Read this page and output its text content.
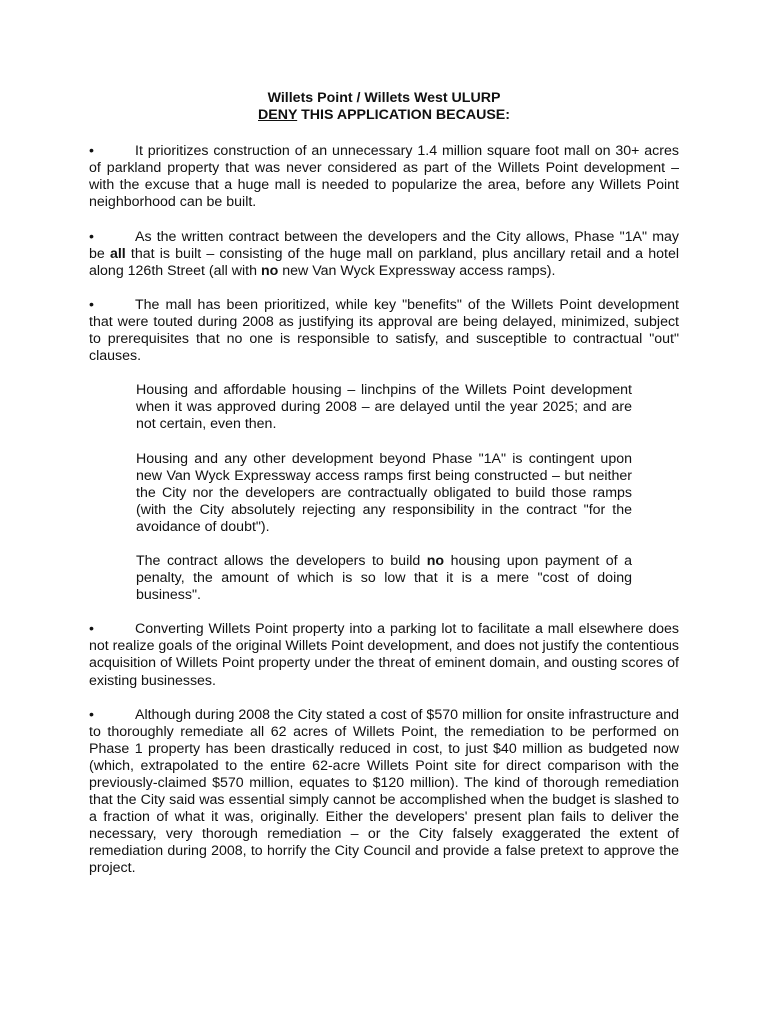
Willets Point / Willets West ULURP
DENY THIS APPLICATION BECAUSE:

•	It prioritizes construction of an unnecessary 1.4 million square foot mall on 30+ acres of parkland property that was never considered as part of the Willets Point development – with the excuse that a huge mall is needed to popularize the area, before any Willets Point neighborhood can be built.

•	As the written contract between the developers and the City allows, Phase "1A" may be all that is built – consisting of the huge mall on parkland, plus ancillary retail and a hotel along 126th Street (all with no new Van Wyck Expressway access ramps).

•	The mall has been prioritized, while key "benefits" of the Willets Point development that were touted during 2008 as justifying its approval are being delayed, minimized, subject to prerequisites that no one is responsible to satisfy, and susceptible to contractual "out" clauses.

Housing and affordable housing – linchpins of the Willets Point development when it was approved during 2008 – are delayed until the year 2025; and are not certain, even then.

Housing and any other development beyond Phase "1A" is contingent upon new Van Wyck Expressway access ramps first being constructed – but neither the City nor the developers are contractually obligated to build those ramps (with the City absolutely rejecting any responsibility in the contract "for the avoidance of doubt").

The contract allows the developers to build no housing upon payment of a penalty, the amount of which is so low that it is a mere "cost of doing business".

•	Converting Willets Point property into a parking lot to facilitate a mall elsewhere does not realize goals of the original Willets Point development, and does not justify the contentious acquisition of Willets Point property under the threat of eminent domain, and ousting scores of existing businesses.

•	Although during 2008 the City stated a cost of $570 million for onsite infrastructure and to thoroughly remediate all 62 acres of Willets Point, the remediation to be performed on Phase 1 property has been drastically reduced in cost, to just $40 million as budgeted now (which, extrapolated to the entire 62-acre Willets Point site for direct comparison with the previously-claimed $570 million, equates to $120 million). The kind of thorough remediation that the City said was essential simply cannot be accomplished when the budget is slashed to a fraction of what it was, originally. Either the developers' present plan fails to deliver the necessary, very thorough remediation – or the City falsely exaggerated the extent of remediation during 2008, to horrify the City Council and provide a false pretext to approve the project.
